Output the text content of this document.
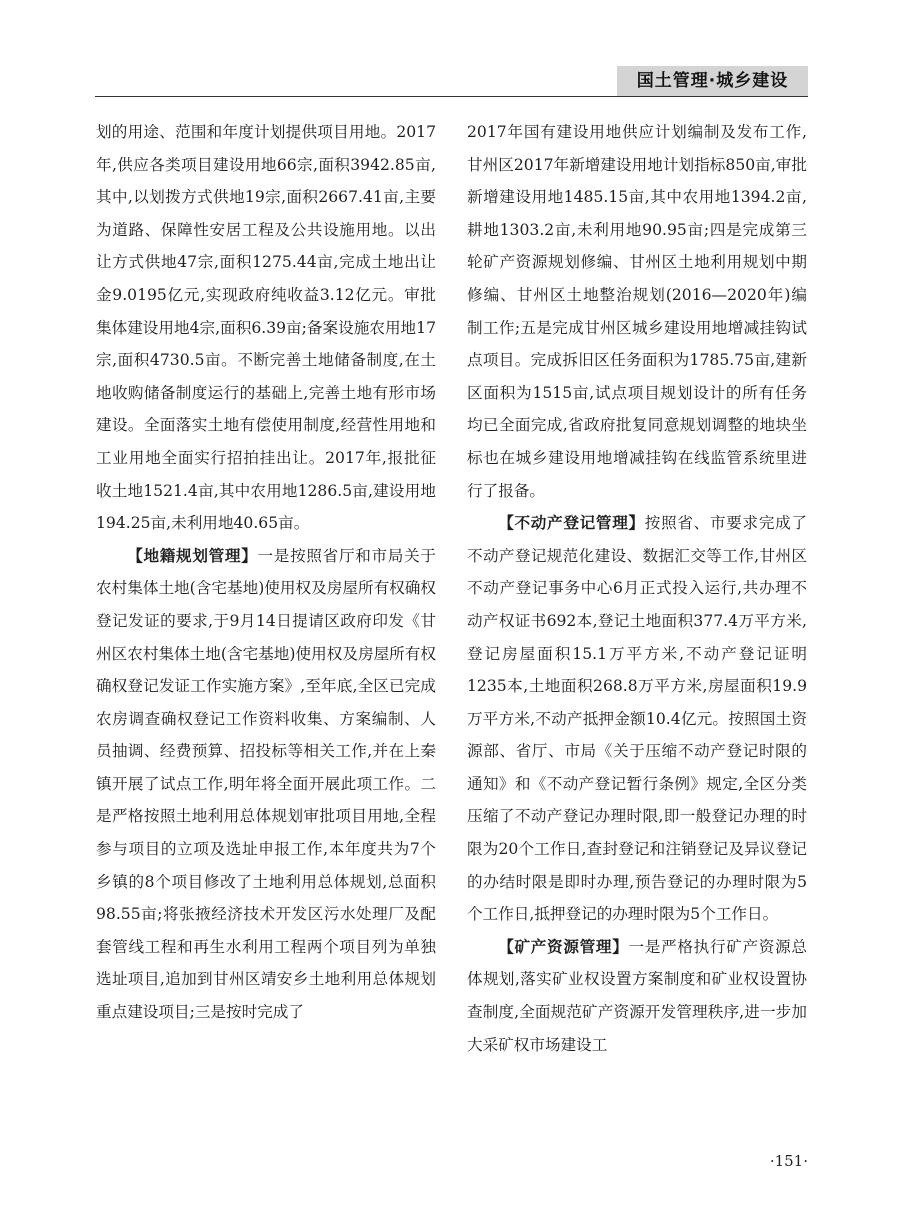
国土管理·城乡建设

划的用途、范围和年度计划提供项目用地。2017年,供应各类项目建设用地66宗,面积3942.85亩,其中,以划拨方式供地19宗,面积2667.41亩,主要为道路、保障性安居工程及公共设施用地。以出让方式供地47宗,面积1275.44亩,完成土地出让金9.0195亿元,实现政府纯收益3.12亿元。审批集体建设用地4宗,面积6.39亩;备案设施农用地17宗,面积4730.5亩。不断完善土地储备制度,在土地收购储备制度运行的基础上,完善土地有形市场建设。全面落实土地有偿使用制度,经营性用地和工业用地全面实行招拍挂出让。2017年,报批征收土地1521.4亩,其中农用地1286.5亩,建设用地194.25亩,未利用地40.65亩。

【地籍规划管理】一是按照省厅和市局关于农村集体土地(含宅基地)使用权及房屋所有权确权登记发证的要求,于9月14日提请区政府印发《甘州区农村集体土地(含宅基地)使用权及房屋所有权确权登记发证工作实施方案》,至年底,全区已完成农房调查确权登记工作资料收集、方案编制、人员抽调、经费预算、招投标等相关工作,并在上秦镇开展了试点工作,明年将全面开展此项工作。二是严格按照土地利用总体规划审批项目用地,全程参与项目的立项及选址申报工作,本年度共为7个乡镇的8个项目修改了土地利用总体规划,总面积98.55亩;将张掖经济技术开发区污水处理厂及配套管线工程和再生水利用工程两个项目列为单独选址项目,追加到甘州区靖安乡土地利用总体规划重点建设项目;三是按时完成了

2017年国有建设用地供应计划编制及发布工作,甘州区2017年新增建设用地计划指标850亩,审批新增建设用地1485.15亩,其中农用地1394.2亩,耕地1303.2亩,未利用地90.95亩;四是完成第三轮矿产资源规划修编、甘州区土地利用规划中期修编、甘州区土地整治规划(2016—2020年)编制工作;五是完成甘州区城乡建设用地增减挂钩试点项目。完成拆旧区任务面积为1785.75亩,建新区面积为1515亩,试点项目规划设计的所有任务均已全面完成,省政府批复同意规划调整的地块坐标也在城乡建设用地增减挂钩在线监管系统里进行了报备。

【不动产登记管理】按照省、市要求完成了不动产登记规范化建设、数据汇交等工作,甘州区不动产登记事务中心6月正式投入运行,共办理不动产权证书692本,登记土地面积377.4万平方米,登记房屋面积15.1万平方米,不动产登记证明1235本,土地面积268.8万平方米,房屋面积19.9万平方米,不动产抵押金额10.4亿元。按照国土资源部、省厅、市局《关于压缩不动产登记时限的通知》和《不动产登记暂行条例》规定,全区分类压缩了不动产登记办理时限,即一般登记办理的时限为20个工作日,查封登记和注销登记及异议登记的办结时限是即时办理,预告登记的办理时限为5个工作日,抵押登记的办理时限为5个工作日。

【矿产资源管理】一是严格执行矿产资源总体规划,落实矿业权设置方案制度和矿业权设置协查制度,全面规范矿产资源开发管理秩序,进一步加大采矿权市场建设工

·151·
